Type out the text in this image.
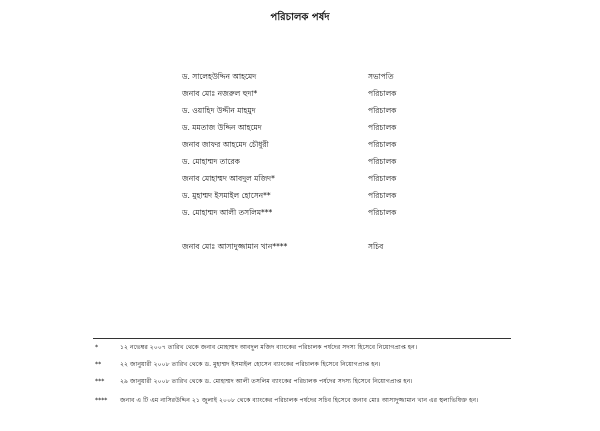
পরিচালক পর্ষদ
ড. সালেহউদ্দিন আহমেদ	সভাপতি
জনাব মোঃ নজরুল হুদা*	পরিচালক
ড. ওয়াহিদ উদ্দীন মাহমুদ	পরিচালক
ড. মমতাজ উদ্দিন আহমেদ	পরিচালক
জনাব জাফর আহমেদ চৌধুরী	পরিচালক
ড. মোহাম্মদ তারেক	পরিচালক
জনাব মোহাম্মদ আবদুল মজিদ*	পরিচালক
ড. মুহাম্মদ ইসমাইল হোসেন**	পরিচালক
ড. মোহাম্মদ আলী তসলিম***	পরিচালক
জনাব মোঃ আসাদুজ্জামান খান****	সচিব
*	১২ নভেম্বর ২০০৭ তারিখ থেকে জনাব মোহাম্মদ আবদুল মজিদ ব্যাংকের পরিচালক পর্ষদের সদস্য হিসেবে নিয়োগপ্রাপ্ত হন।
**	২২ জানুয়ারী ২০০৮ তারিখ থেকে ড. মুহাম্মদ ইসমাইল হোসেন ব্যাংকের পরিচালক হিসেবে নিয়োগপ্রাপ্ত হন।
***	২৯ জানুয়ারী ২০০৮ তারিখ থেকে ড. মোহাম্মদ আলী তসলিম ব্যাংকের পরিচালক পর্ষদের সদস্য হিসেবে নিয়োগপ্রাপ্ত হন।
****	জনাব এ টি এম নাসিরউদ্দিন ২১ জুলাই ২০০৮ থেকে ব্যাংকের পরিচালক পর্ষদের সচিব হিসেবে জনাব মোঃ আসাদুজ্জামান খান এর স্থলাভিষিক্ত হন।
